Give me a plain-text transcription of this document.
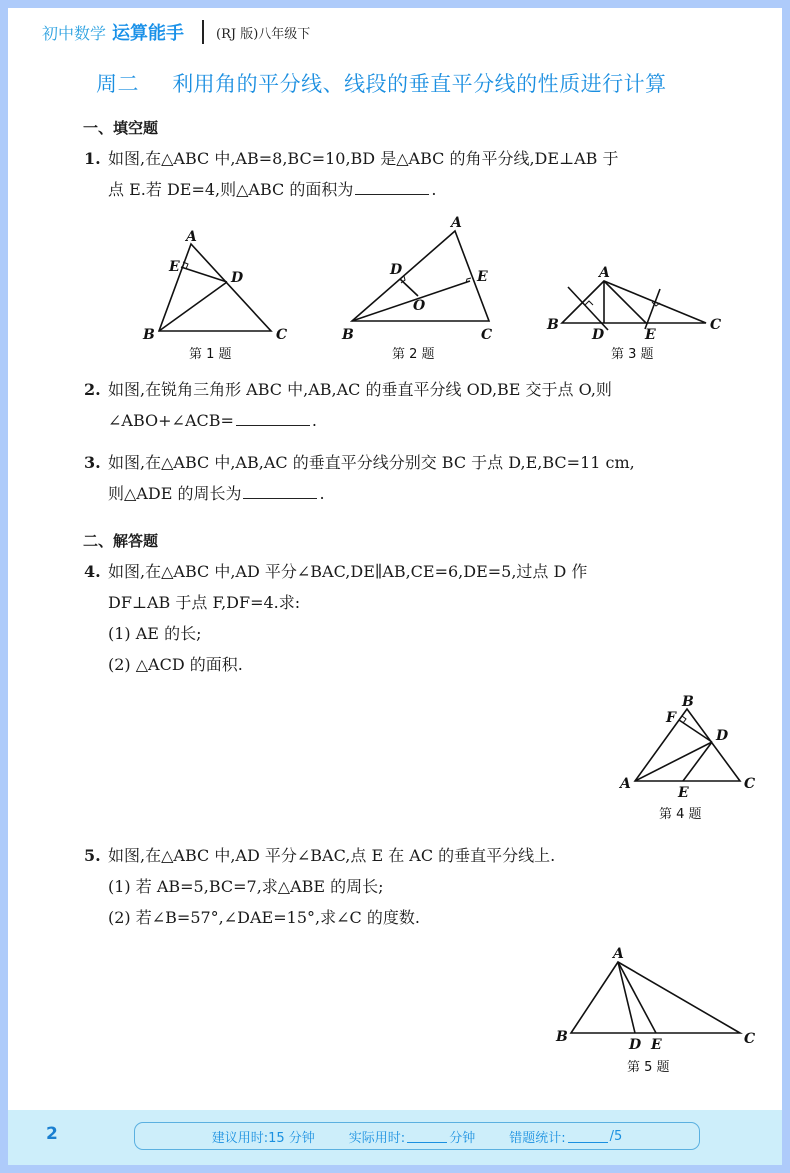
初中数学 运算能手 (RJ 版)八年级下
周二 利用角的平分线、线段的垂直平分线的性质进行计算
一、填空题
1. 如图,在△ABC 中,AB=8,BC=10,BD 是△ABC 的角平分线,DE⊥AB 于
点 E.若 DE=4,则△ABC 的面积为	.
2. 如图,在锐角三角形 ABC 中,AB,AC 的垂直平分线 OD,BE 交于点 O,则
∠ABO+∠ACB=	.
3. 如图,在△ABC 中,AB,AC 的垂直平分线分别交 BC 于点 D,E,BC=11 cm,
则△ADE 的周长为	.
二、解答题
4. 如图,在△ABC 中,AD 平分∠BAC,DE∥AB,CE=6,DE=5,过点 D 作
DF⊥AB 于点 F,DF=4.求:
(1) AE 的长;
(2) △ACD 的面积.
5. 如图,在△ABC 中,AD 平分∠BAC,点 E 在 AC 的垂直平分线上.
(1) 若 AB=5,BC=7,求△ABE 的周长;
(2) 若∠B=57°,∠DAE=15°,求∠C 的度数.
A
B	C
D
E
第 1 题
A
B	C
D	E
O
第 2 题
A
B	C
D	E
第 3 题
B
F
D
A
E
C
第 4 题
A
B	C
D E
第 5 题
2	建议用时:15 分钟	实际用时:	分钟	错题统计:	/5
